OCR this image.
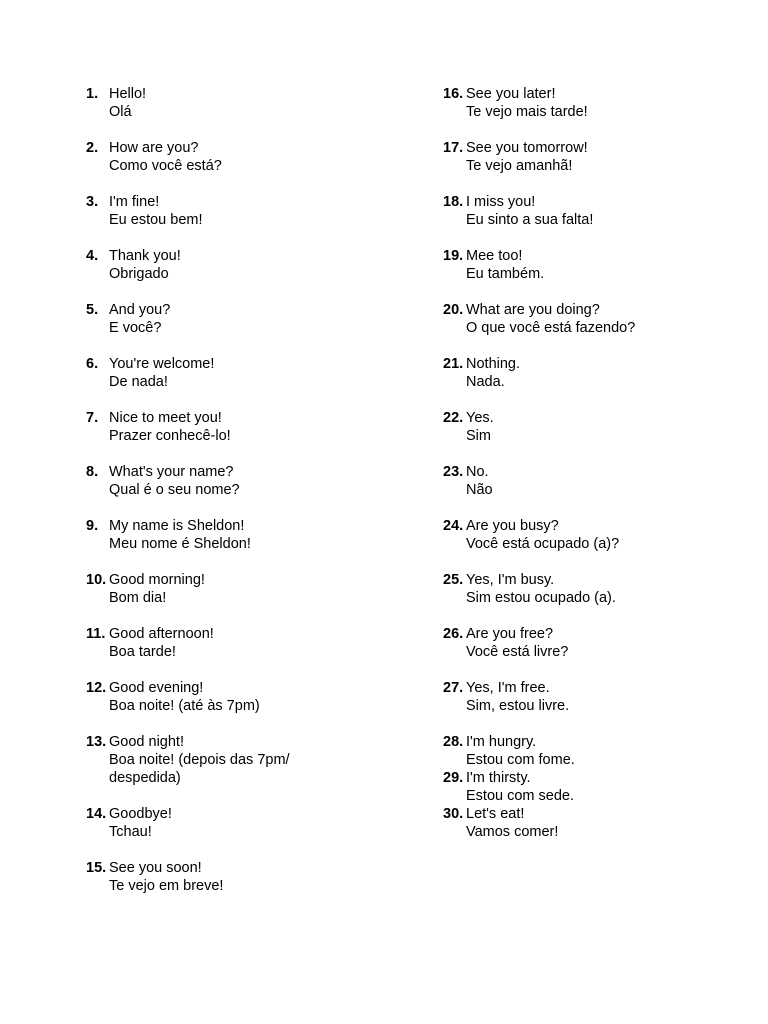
1. Hello!
Olá
2. How are you?
Como você está?
3. I'm fine!
Eu estou bem!
4. Thank you!
Obrigado
5. And you?
E você?
6. You're welcome!
De nada!
7. Nice to meet you!
Prazer conhecê-lo!
8. What's your name?
Qual é o seu nome?
9. My name is Sheldon!
Meu nome é Sheldon!
10. Good morning!
Bom dia!
11. Good afternoon!
Boa tarde!
12. Good evening!
Boa noite! (até às 7pm)
13. Good night!
Boa noite! (depois das 7pm/
despedida)
14. Goodbye!
Tchau!
15. See you soon!
Te vejo em breve!
16. See you later!
Te vejo mais tarde!
17. See you tomorrow!
Te vejo amanhã!
18. I miss you!
Eu sinto a sua falta!
19. Mee too!
Eu também.
20. What are you doing?
O que você está fazendo?
21. Nothing.
Nada.
22. Yes.
Sim
23. No.
Não
24. Are you busy?
Você está ocupado (a)?
25. Yes, I'm busy.
Sim estou ocupado (a).
26. Are you free?
Você está livre?
27. Yes, I'm free.
Sim, estou livre.
28. I'm hungry.
Estou com fome.
29. I'm thirsty.
Estou com sede.
30. Let's eat!
Vamos comer!
